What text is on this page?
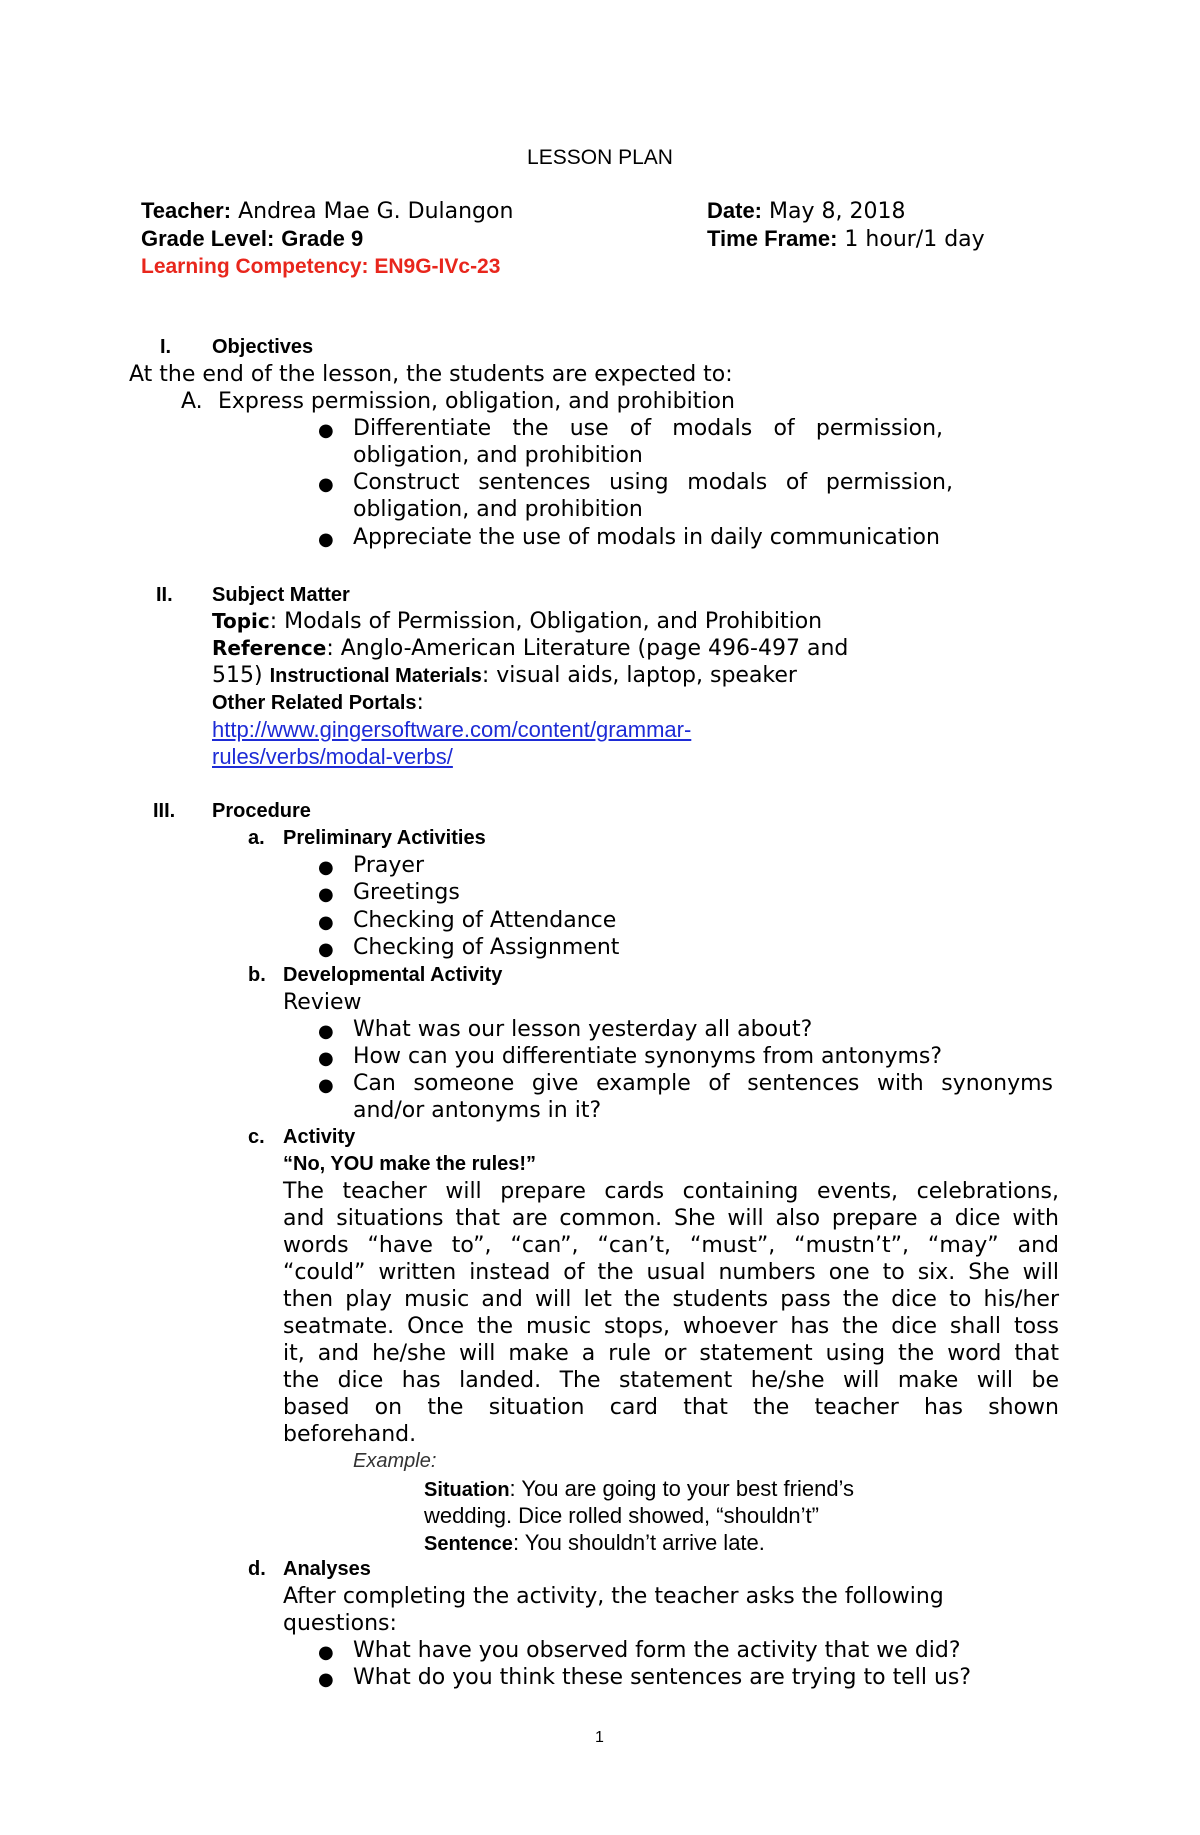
LESSON PLAN
Teacher: Andrea Mae G. Dulangon
Grade Level: Grade 9
Learning Competency: EN9G-IVc-23
Date: May 8, 2018
Time Frame: 1 hour/1 day
I. Objectives
At the end of the lesson, the students are expected to:
A. Express permission, obligation, and prohibition
● Differentiate the use of modals of permission,
obligation, and prohibition
● Construct sentences using modals of permission,
obligation, and prohibition
● Appreciate the use of modals in daily communication
II. Subject Matter
Topic: Modals of Permission, Obligation, and Prohibition
Reference: Anglo-American Literature (page 496-497 and
515) Instructional Materials: visual aids, laptop, speaker
Other Related Portals:
http://www.gingersoftware.com/content/grammar-
rules/verbs/modal-verbs/
III. Procedure
a. Preliminary Activities
● Prayer
● Greetings
● Checking of Attendance
● Checking of Assignment
b. Developmental Activity
Review
● What was our lesson yesterday all about?
● How can you differentiate synonyms from antonyms?
● Can someone give example of sentences with synonyms
and/or antonyms in it?
c. Activity
“No, YOU make the rules!”
The teacher will prepare cards containing events, celebrations,
and situations that are common. She will also prepare a dice with
words “have to”, “can”, “can’t, “must”, “mustn’t”, “may” and
“could” written instead of the usual numbers one to six. She will
then play music and will let the students pass the dice to his/her
seatmate. Once the music stops, whoever has the dice shall toss
it, and he/she will make a rule or statement using the word that
the dice has landed. The statement he/she will make will be
based on the situation card that the teacher has shown
beforehand.
Example:
Situation: You are going to your best friend’s
wedding. Dice rolled showed, “shouldn’t”
Sentence: You shouldn’t arrive late.
d. Analyses
After completing the activity, the teacher asks the following
questions:
● What have you observed form the activity that we did?
● What do you think these sentences are trying to tell us?
1
